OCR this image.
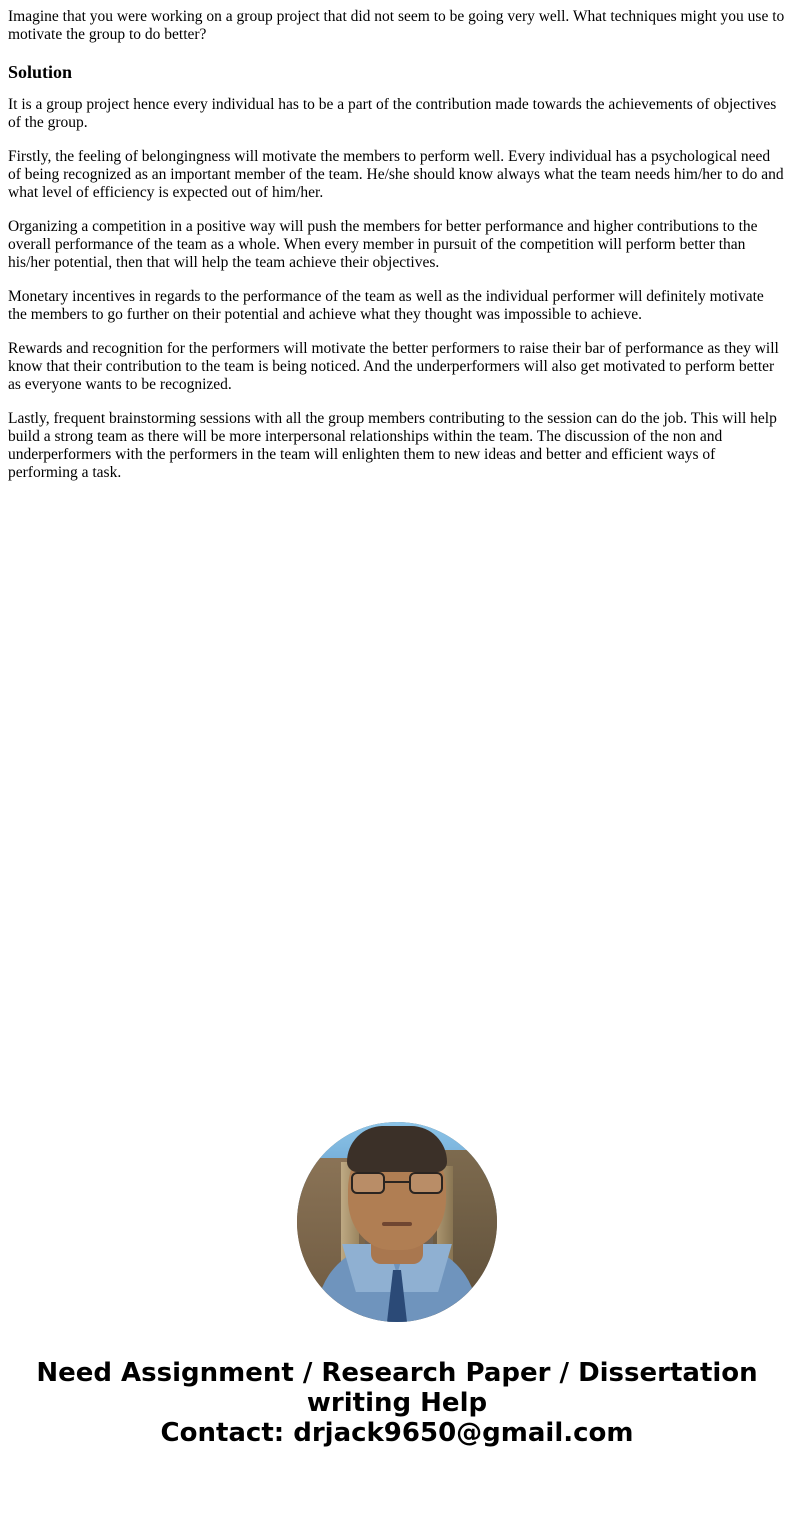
Imagine that you were working on a group project that did not seem to be going very well. What techniques might you use to motivate the group to do better?

Solution

It is a group project hence every individual has to be a part of the contribution made towards the achievements of objectives of the group.

Firstly, the feeling of belongingness will motivate the members to perform well. Every individual has a psychological need of being recognized as an important member of the team. He/she should know always what the team needs him/her to do and what level of efficiency is expected out of him/her.

Organizing a competition in a positive way will push the members for better performance and higher contributions to the overall performance of the team as a whole. When every member in pursuit of the competition will perform better than his/her potential, then that will help the team achieve their objectives.

Monetary incentives in regards to the performance of the team as well as the individual performer will definitely motivate the members to go further on their potential and achieve what they thought was impossible to achieve.

Rewards and recognition for the performers will motivate the better performers to raise their bar of performance as they will know that their contribution to the team is being noticed. And the underperformers will also get motivated to perform better as everyone wants to be recognized.

Lastly, frequent brainstorming sessions with all the group members contributing to the session can do the job. This will help build a strong team as there will be more interpersonal relationships within the team. The discussion of the non and underperformers with the performers in the team will enlighten them to new ideas and better and efficient ways of performing a task.

Need Assignment / Research Paper / Dissertation writing Help
Contact: drjack9650@gmail.com
